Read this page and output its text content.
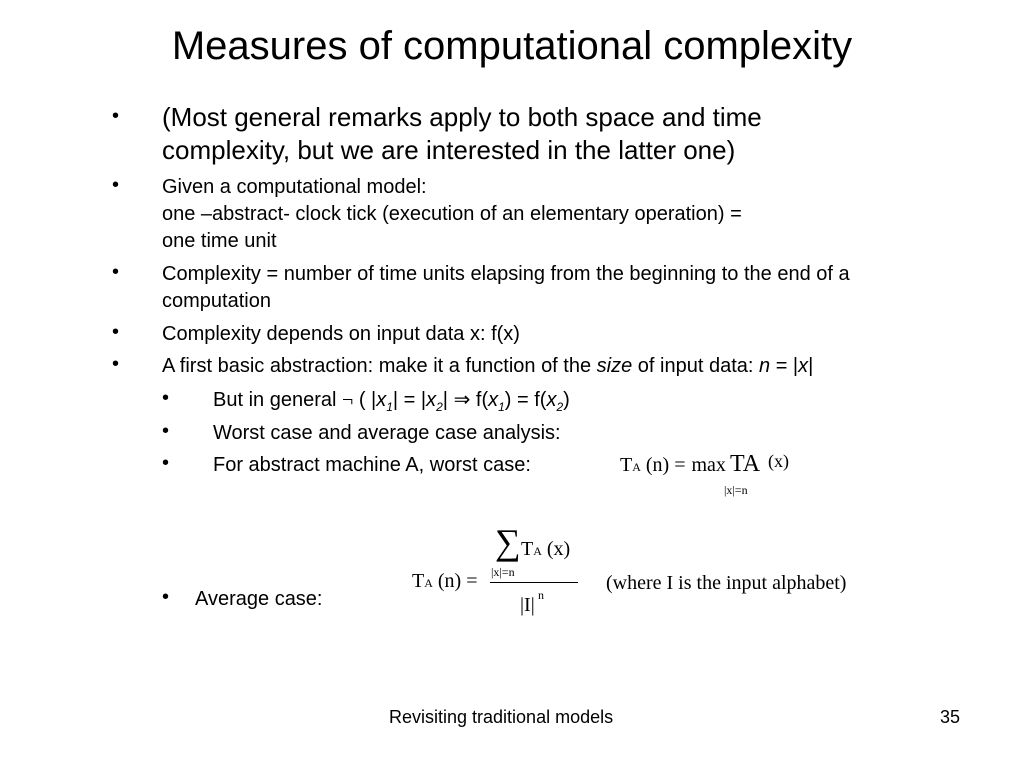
Measures of computational complexity
• (Most general remarks apply to both space and time
complexity, but we are interested in the latter one)
• Given a computational model:
one –abstract- clock tick (execution of an elementary operation) =
one time unit
• Complexity = number of time units elapsing from the beginning to the end of a
computation
• Complexity depends on input data x: f(x)
• A first basic abstraction: make it a function of the size of input data: n = |x|
• But in general ¬ ( $|x_1| = |x_2|$ ⇒ $f(x_1) = f(x_2)$
• Worst case and average case analysis:
• For abstract machine A, worst case:	TA (n) = max TA (x)
|x|=n
• Average case:
TA (n) =
∑ TA (x)
|x|=n
|I| n
(where I is the input alphabet)
Revisiting traditional models	35
